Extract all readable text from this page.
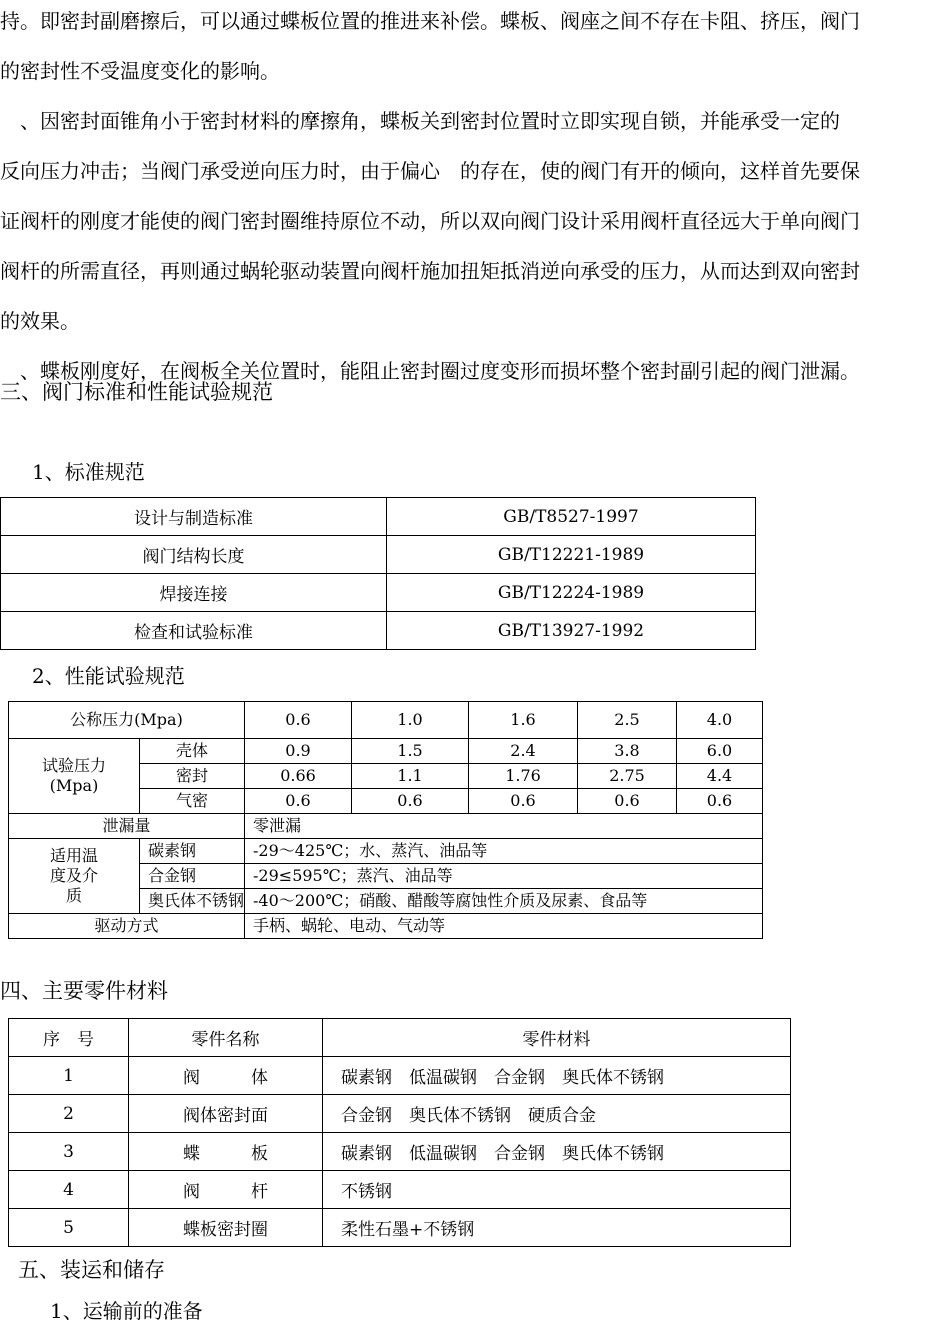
持。即密封副磨擦后，可以通过蝶板位置的推进来补偿。蝶板、阀座之间不存在卡阻、挤压，阀门
的密封性不受温度变化的影响。
　、因密封面锥角小于密封材料的摩擦角，蝶板关到密封位置时立即实现自锁，并能承受一定的
反向压力冲击；当阀门承受逆向压力时，由于偏心　的存在，使的阀门有开的倾向，这样首先要保
证阀杆的刚度才能使的阀门密封圈维持原位不动，所以双向阀门设计采用阀杆直径远大于单向阀门
阀杆的所需直径，再则通过蜗轮驱动装置向阀杆施加扭矩抵消逆向承受的压力，从而达到双向密封
的效果。
　、蝶板刚度好，在阀板全关位置时，能阻止密封圈过度变形而损坏整个密封副引起的阀门泄漏。
三、阀门标准和性能试验规范
1、标准规范
设计与制造标准	GB/T8527-1997
阀门结构长度	GB/T12221-1989
焊接连接	GB/T12224-1989
检查和试验标准	GB/T13927-1992
2、性能试验规范
公称压力(Mpa)		0.6	1.0	1.6	2.5	4.0

试验压力
(Mpa)	壳体	0.9	1.5	2.4	3.8	6.0
	密封	0.66	1.1	1.76	2.75	4.4
	气密	0.6	0.6	0.6	0.6	0.6
泄漏量		零泄漏				

适用温
度及介
质	碳素钢	-29～425℃；水、蒸汽、油品等				
	合金钢	-29≤595℃；蒸汽、油品等				
	奥氏体不锈钢	-40～200℃；硝酸、醋酸等腐蚀性介质及尿素、食品等				
驱动方式		手柄、蜗轮、电动、气动等				
四、主要零件材料
序　号	零件名称	零件材料
1	阀　　　体	碳素钢　低温碳钢　合金钢　奥氏体不锈钢
2	阀体密封面	合金钢　奥氏体不锈钢　硬质合金
3	蝶　　　板	碳素钢　低温碳钢　合金钢　奥氏体不锈钢
4	阀　　　杆	不锈钢
5	蝶板密封圈	柔性石墨+不锈钢
五、装运和储存
1、运输前的准备
